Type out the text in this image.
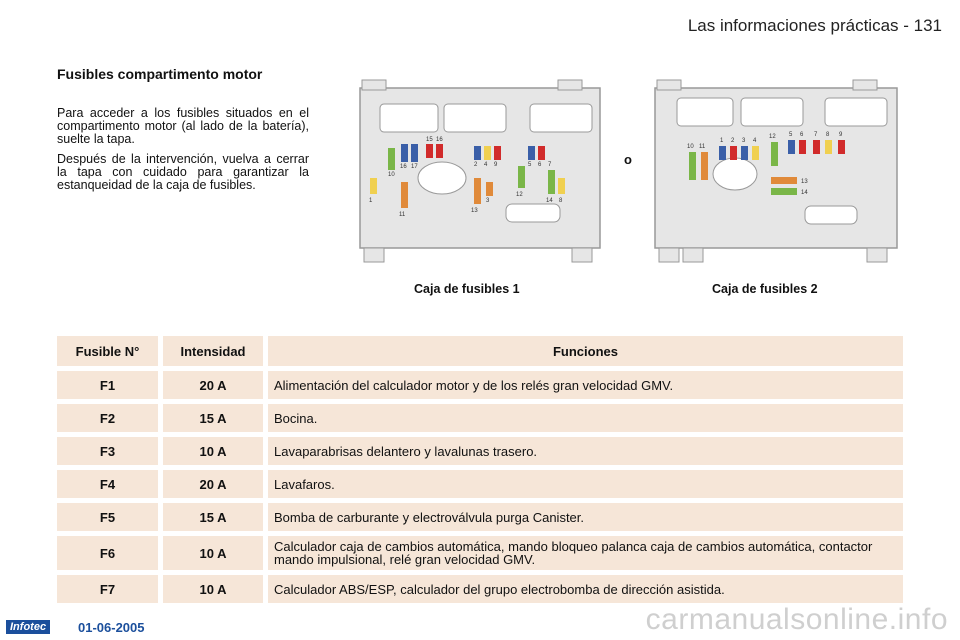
Las informaciones prácticas - 131
Fusibles compartimento motor

Para acceder a los fusibles situados en el compartimento motor (al lado de la batería), suelte la tapa.

Después de la intervención, vuelva a cerrar la tapa con cuidado para garantizar la estanqueidad de la caja de fusibles.

1
10
11
15 16
16 17	2 4 9
13
3
5 6 7
12
14 8
o
10 11
1 2 3 4
12 5 6 7 8 9
13
14
Caja de fusibles 1	Caja de fusibles 2
Fusible N°	Intensidad	Funciones
F1	20 A	Alimentación del calculador motor y de los relés gran velocidad GMV.
F2	15 A	Bocina.
F3	10 A	Lavaparabrisas delantero y lavalunas trasero.
F4	20 A	Lavafaros.
F5	15 A	Bomba de carburante y electroválvula purga Canister.
F6	10 A	Calculador caja de cambios automática, mando bloqueo palanca caja de cambios automática, contactor mando impulsional, relé gran velocidad GMV.
F7	10 A	Calculador ABS/ESP, calculador del grupo electrobomba de dirección asistida.
Infotec	01-06-2005	carmanualsonline.info
